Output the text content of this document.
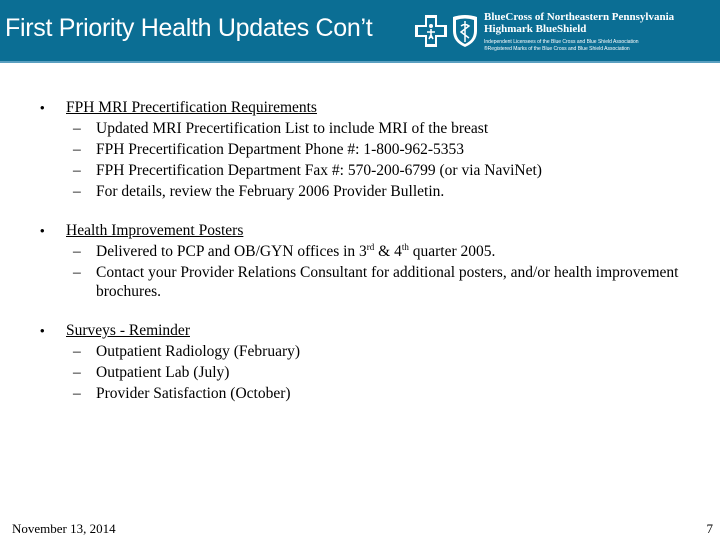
First Priority Health Updates Con’t	BlueCross of Northeastern Pennsylvania
Highmark BlueShield
Independent Licensees of the Blue Cross and Blue Shield Association
®Registered Marks of the Blue Cross and Blue Shield Association
• FPH MRI Precertification Requirements
– Updated MRI Precertification List to include MRI of the breast
– FPH Precertification Department Phone #: 1-800-962-5353
– FPH Precertification Department Fax #: 570-200-6799 (or via NaviNet)
– For details, review the February 2006 Provider Bulletin.
• Health Improvement Posters
– Delivered to PCP and OB/GYN offices in 3rd & 4th quarter 2005.
– Contact your Provider Relations Consultant for additional posters, and/or health improvement brochures.
• Surveys - Reminder
– Outpatient Radiology (February)
– Outpatient Lab (July)
– Provider Satisfaction (October)
November 13, 2014	7
